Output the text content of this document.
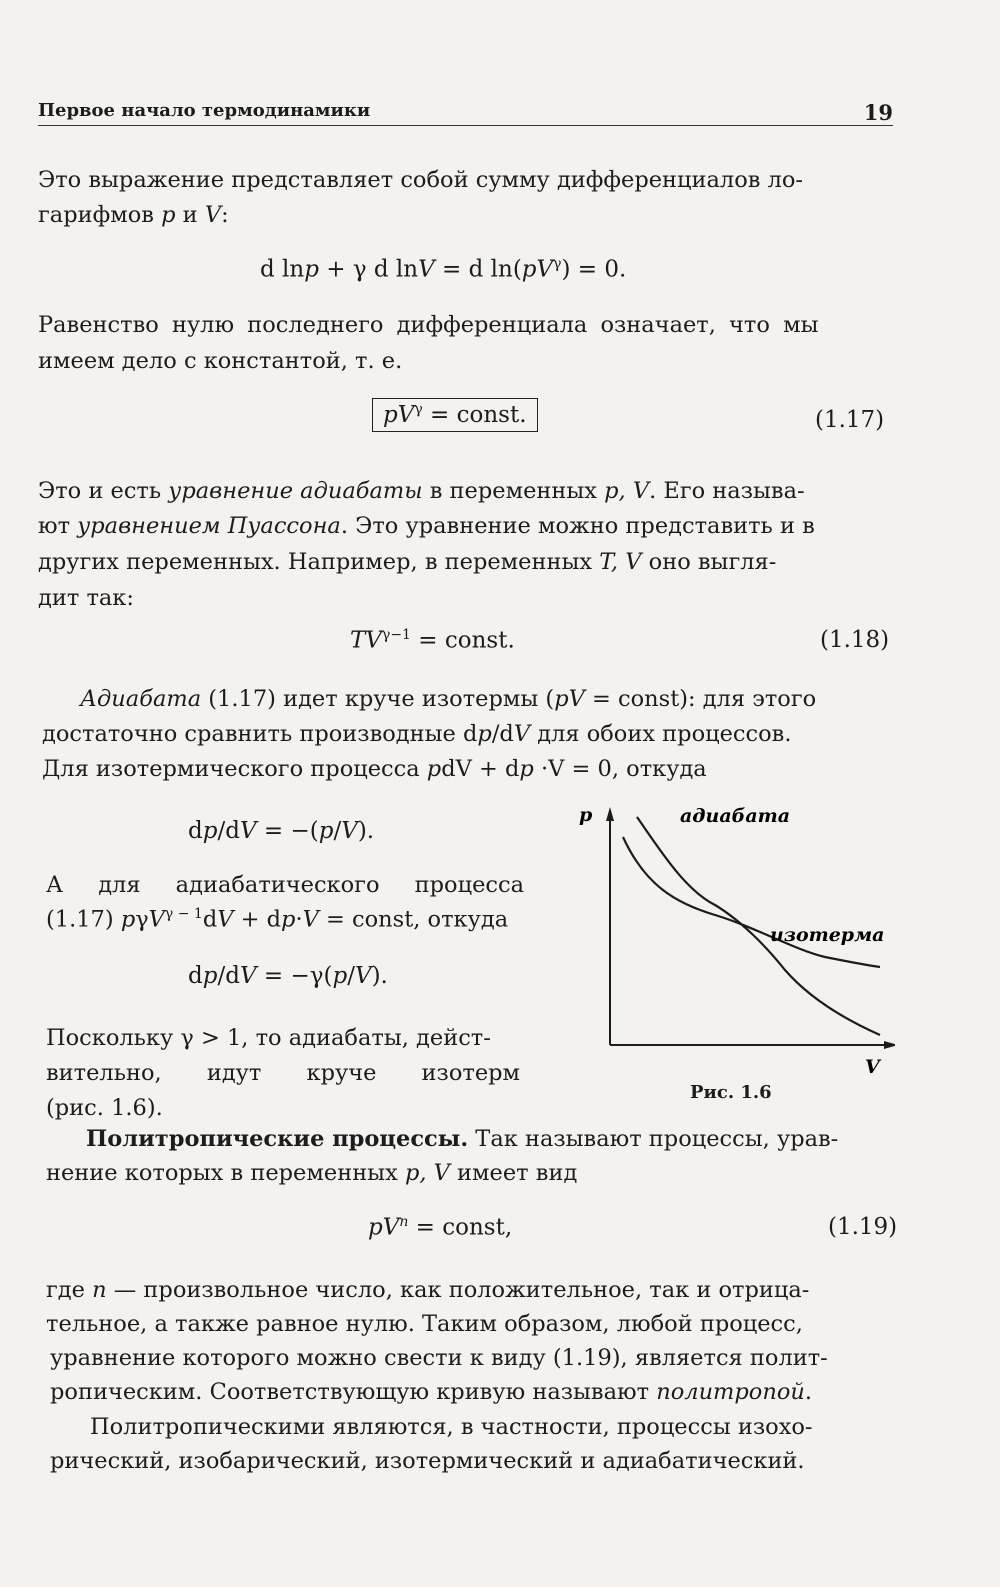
Первое начало термодинамики	19
Это выражение представляет собой сумму дифференциалов ло-
гарифмов p и V:
d lnp + γ d lnV = d $\ln(pV^\gamma) = 0$.
Равенство нулю последнего дифференциала означает, что мы
имеем дело с константой, т. е.
$pV^\gamma$ = const.	(1.17)
Это и есть уравнение адиабаты в переменных p, V. Его называ-
ют уравнением Пуассона. Это уравнение можно представить и в
других переменных. Например, в переменных T, V оно выгля-
дит так:
$TV^{\gamma-1}$ = const.	(1.18)
Адиабата (1.17) идет круче изотермы (pV = const): для этого
достаточно сравнить производные dp/dV для обоих процессов.
Для изотермического процесса pdV + dp ·V = 0, откуда
dp/dV = −(p/V).
А для адиабатического процесса
(1.17) pγV$^{\gamma - 1}$dV + dp·V = const, откуда
dp/dV = −γ(p/V).
Поскольку γ > 1, то адиабаты, дейст-
вительно, идут круче изотерм
(рис. 1.6).
p
V
адиабата
изотерма
Рис. 1.6
Политропические процессы. Так называют процессы, урав-
нение которых в переменных p, V имеет вид
$pV^n$ = const,	(1.19)
где n — произвольное число, как положительное, так и отрица-
тельное, а также равное нулю. Таким образом, любой процесс,
уравнение которого можно свести к виду (1.19), является полит-
ропическим. Соответствующую кривую называют политропой.
Политропическими являются, в частности, процессы изохо-
рический, изобарический, изотермический и адиабатический.
